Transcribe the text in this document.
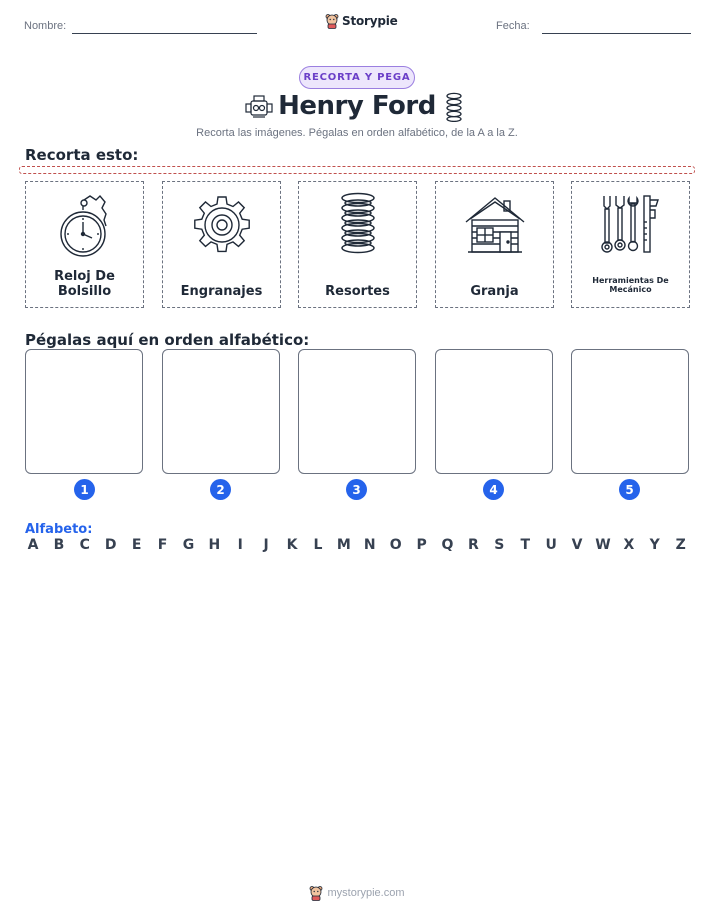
Nombre:	Storypie	Fecha:
RECORTA Y PEGA
Henry Ford
Recorta las imágenes. Pégalas en orden alfabético, de la A a la Z.
Recorta esto:
Reloj De Bolsillo	Engranajes	Resortes	Granja
Herramientas De Mecánico
Pégalas aquí en orden alfabético:
1	2	3	4	5
Alfabeto:
A B C D E F G H	I	J	K L M N O P Q R S T U V W X Y Z
mystorypie.com
